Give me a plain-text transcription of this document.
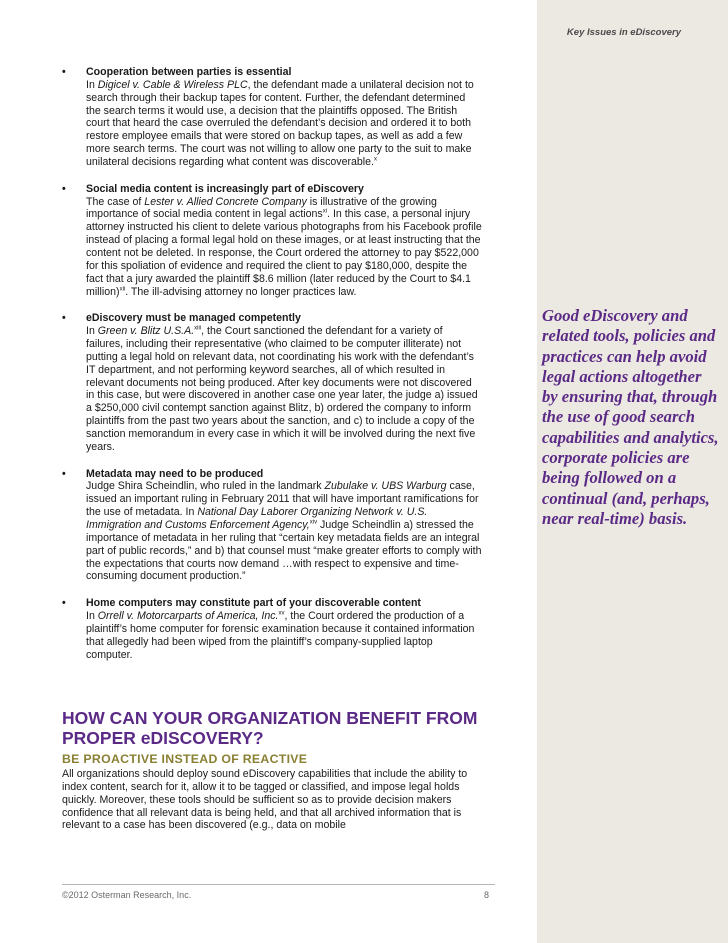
Key Issues in eDiscovery
• Cooperation between parties is essential

In Digicel v. Cable & Wireless PLC, the defendant made a unilateral decision not to search through their backup tapes for content. Further, the defendant determined the search terms it would use, a decision that the plaintiffs opposed. The British court that heard the case overruled the defendant’s decision and ordered it to both restore employee emails that were stored on backup tapes, as well as add a few more search terms. The court was not willing to allow one party to the suit to make unilateral decisions regarding what content was discoverable.$^x$

• Social media content is increasingly part of eDiscovery

The case of Lester v. Allied Concrete Company is illustrative of the growing importance of social media content in legal actions$^{xi}$. In this case, a personal injury attorney instructed his client to delete various photographs from his Facebook profile instead of placing a formal legal hold on these images, or at least instructing that the content not be deleted. In response, the Court ordered the attorney to pay $522,000 for this spoliation of evidence and required the client to pay $180,000, despite the fact that a jury awarded the plaintiff $8.6 million (later reduced by the Court to $4.1 million)$^{xii}$. The ill-advising attorney no longer practices law.

• eDiscovery must be managed competently

In Green v. Blitz U.S.A.$^{xiii}$, the Court sanctioned the defendant for a variety of failures, including their representative (who claimed to be computer illiterate) not putting a legal hold on relevant data, not coordinating his work with the defendant’s IT department, and not performing keyword searches, all of which resulted in relevant documents not being produced. After key documents were not discovered in this case, but were discovered in another case one year later, the judge a) issued a $250,000 civil contempt sanction against Blitz, b) ordered the company to inform plaintiffs from the past two years about the sanction, and c) to include a copy of the sanction memorandum in every case in which it will be involved during the next five years.

• Metadata may need to be produced

Judge Shira Scheindlin, who ruled in the landmark Zubulake v. UBS Warburg case, issued an important ruling in February 2011 that will have important ramifications for the use of metadata. In National Day Laborer Organizing Network v. U.S. Immigration and Customs Enforcement Agency,$^{xiv}$ Judge Scheindlin a) stressed the importance of metadata in her ruling that “certain key metadata fields are an integral part of public records,” and b) that counsel must “make greater efforts to comply with the expectations that courts now demand …with respect to expensive and time-consuming document production.”

• Home computers may constitute part of your discoverable content

In Orrell v. Motorcarparts of America, Inc.$^{xv}$, the Court ordered the production of a plaintiff’s home computer for forensic examination because it contained information that allegedly had been wiped from the plaintiff’s company-supplied laptop computer.

Good eDiscovery and related tools, policies and practices can help avoid legal actions altogether by ensuring that, through the use of good search capabilities and analytics, corporate policies are being followed on a continual (and, perhaps, near real-time) basis.
HOW CAN YOUR ORGANIZATION BENEFIT FROM PROPER eDISCOVERY?
BE PROACTIVE INSTEAD OF REACTIVE

All organizations should deploy sound eDiscovery capabilities that include the ability to index content, search for it, allow it to be tagged or classified, and impose legal holds quickly. Moreover, these tools should be sufficient so as to provide decision makers confidence that all relevant data is being held, and that all archived information that is relevant to a case has been discovered (e.g., data on mobile

©2012 Osterman Research, Inc.	8
